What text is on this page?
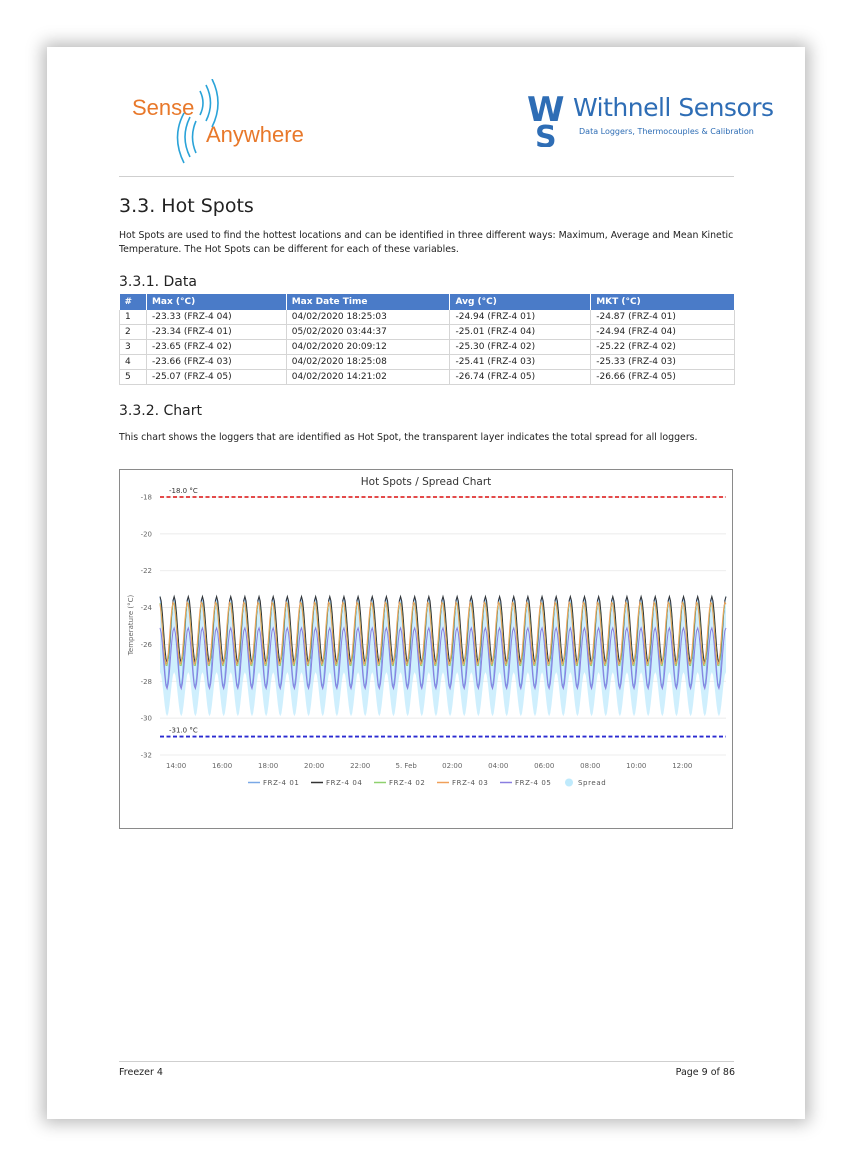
Sense
Anywhere
W
S
Withnell Sensors
Data Loggers, Thermocouples & Calibration
3.3. Hot Spots
Hot Spots are used to find the hottest locations and can be identified in three different ways: Maximum, Average and Mean Kinetic Temperature. The Hot Spots can be different for each of these variables.
3.3.1. Data
#	Max (°C)	Max Date Time	Avg (°C)	MKT (°C)
1	-23.33 (FRZ-4 04)	04/02/2020 18:25:03	-24.94 (FRZ-4 01)	-24.87 (FRZ-4 01)
2	-23.34 (FRZ-4 01)	05/02/2020 03:44:37	-25.01 (FRZ-4 04)	-24.94 (FRZ-4 04)
3	-23.65 (FRZ-4 02)	04/02/2020 20:09:12	-25.30 (FRZ-4 02)	-25.22 (FRZ-4 02)
4	-23.66 (FRZ-4 03)	04/02/2020 18:25:08	-25.41 (FRZ-4 03)	-25.33 (FRZ-4 03)
5	-25.07 (FRZ-4 05)	04/02/2020 14:21:02	-26.74 (FRZ-4 05)	-26.66 (FRZ-4 05)
3.3.2. Chart
This chart shows the loggers that are identified as Hot Spot, the transparent layer indicates the total spread for all loggers.
Hot Spots / Spread Chart
Temperature (°C)
-18.0 °C
-31.0 °C
-18
-20
-22
-24
-26
-28
-30
-32
14:00	16:00	18:00	20:00	22:00	5. Feb	02:00	04:00	06:00	08:00	10:00	12:00
FRZ-4 01	FRZ-4 04	FRZ-4 02	FRZ-4 03	FRZ-4 05	Spread
Freezer 4	Page 9 of 86
